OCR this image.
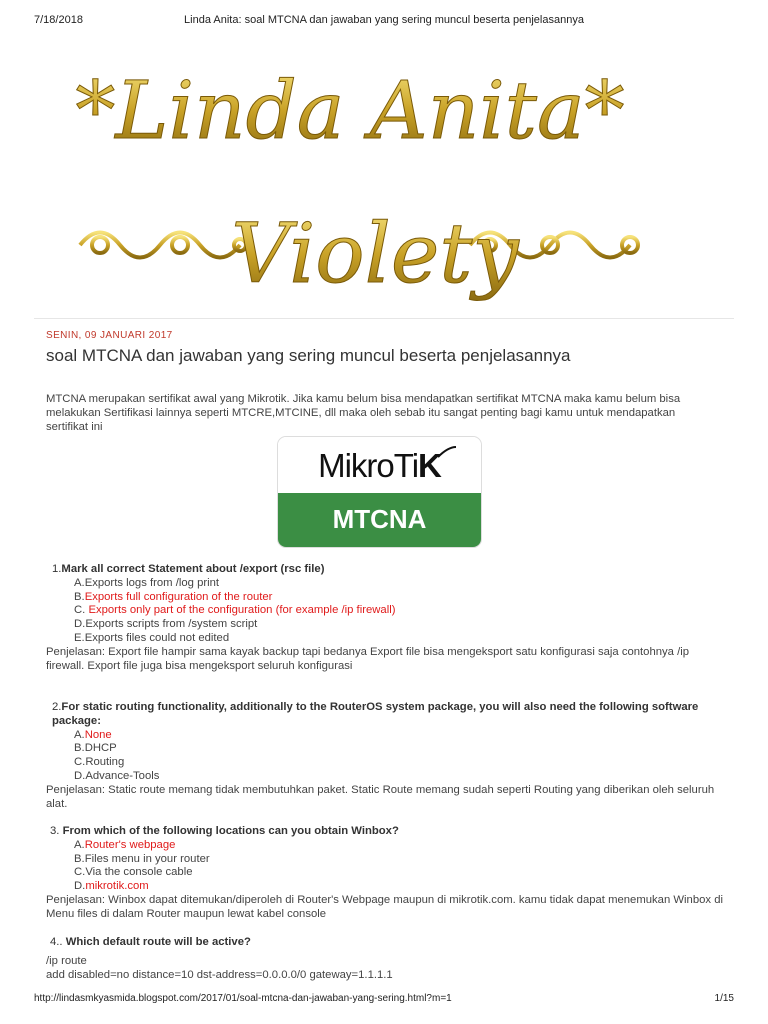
7/18/2018	Linda Anita: soal MTCNA dan jawaban yang sering muncul beserta penjelasannya
*Linda Anita*
Violety
SENIN, 09 JANUARI 2017
soal MTCNA dan jawaban yang sering muncul beserta penjelasannya
MTCNA merupakan sertifikat awal yang Mikrotik. Jika kamu belum bisa mendapatkan sertifikat MTCNA maka kamu belum bisa melakukan Sertifikasi lainnya seperti MTCRE,MTCINE, dll maka oleh sebab itu sangat penting bagi kamu untuk mendapatkan sertifikat ini
MikroTiK
MTCNA
1.Mark all correct Statement about /export (rsc file)
A.Exports logs from /log print
B.Exports full configuration of the router
C. Exports only part of the configuration (for example /ip firewall)
D.Exports scripts from /system script
E.Exports files could not edited
Penjelasan: Export file hampir sama kayak backup tapi bedanya Export file bisa mengeksport satu konfigurasi saja contohnya /ip firewall. Export file juga bisa mengeksport seluruh konfigurasi
2.For static routing functionality, additionally to the RouterOS system package, you will also need the following software package:
A.None
B.DHCP
C.Routing
D.Advance-Tools
Penjelasan: Static route memang tidak membutuhkan paket. Static Route memang sudah seperti Routing yang diberikan oleh seluruh alat.
3. From which of the following locations can you obtain Winbox?
A.Router's webpage
B.Files menu in your router
C.Via the console cable
D.mikrotik.com
Penjelasan: Winbox dapat ditemukan/diperoleh di Router's Webpage maupun di mikrotik.com. kamu tidak dapat menemukan Winbox di Menu files di dalam Router maupun lewat kabel console
4.. Which default route will be active?
/ip route
add disabled=no distance=10 dst-address=0.0.0.0/0 gateway=1.1.1.1
http://lindasmkyasmida.blogspot.com/2017/01/soal-mtcna-dan-jawaban-yang-sering.html?m=1	1/15
